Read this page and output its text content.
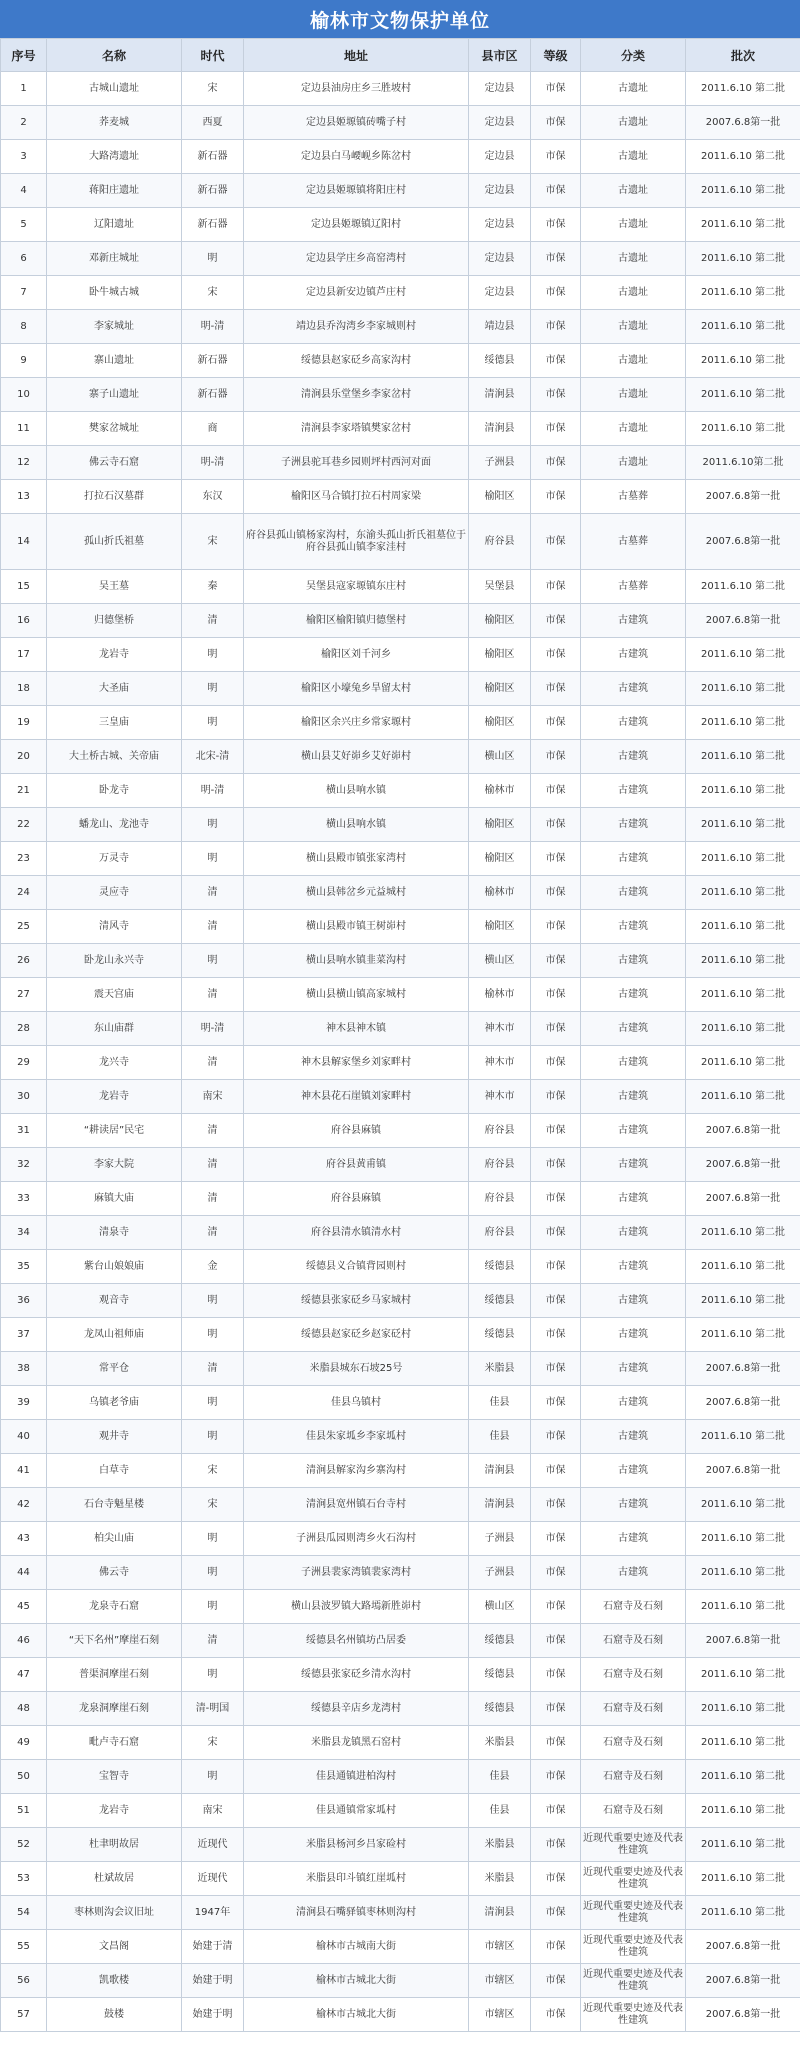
榆林市文物保护单位
序号	名称	时代	地址	县市区	等级	分类	批次
1	古城山遗址	宋	定边县油房庄乡三胜坡村	定边县	市保	古遗址	2011.6.10 第二批
2	荞麦城	西夏	定边县姬塬镇砖嘴子村	定边县	市保	古遗址	2007.6.8第一批
3	大路湾遗址	新石器	定边县白马崾岘乡陈岔村	定边县	市保	古遗址	2011.6.10 第二批
4	蒋阳庄遗址	新石器	定边县姬塬镇将阳庄村	定边县	市保	古遗址	2011.6.10 第二批
5	辽阳遗址	新石器	定边县姬塬镇辽阳村	定边县	市保	古遗址	2011.6.10 第二批
6	邓新庄城址	明	定边县学庄乡高窑湾村	定边县	市保	古遗址	2011.6.10 第二批
7	卧牛城古城	宋	定边县新安边镇芦庄村	定边县	市保	古遗址	2011.6.10 第二批
8	李家城址	明-清	靖边县乔沟湾乡李家城则村	靖边县	市保	古遗址	2011.6.10 第二批
9	寨山遗址	新石器	绥德县赵家砭乡高家沟村	绥德县	市保	古遗址	2011.6.10 第二批
10	寨子山遗址	新石器	清涧县乐堂堡乡李家岔村	清涧县	市保	古遗址	2011.6.10 第二批
11	樊家岔城址	商	清涧县李家塔镇樊家岔村	清涧县	市保	古遗址	2011.6.10 第二批
12	佛云寺石窟	明-清	子洲县驼耳巷乡园则坪村西河对面	子洲县	市保	古遗址	2011.6.10第二批
13	打拉石汉墓群	东汉	榆阳区马合镇打拉石村周家梁	榆阳区	市保	古墓葬	2007.6.8第一批
14	孤山折氏祖墓	宋	府谷县孤山镇杨家沟村，东渝头孤山折氏祖墓位于府谷县孤山镇李家洼村	府谷县	市保	古墓葬	2007.6.8第一批
15	吴王墓	秦	吴堡县寇家塬镇东庄村	吴堡县	市保	古墓葬	2011.6.10 第二批
16	归德堡桥	清	榆阳区榆阳镇归德堡村	榆阳区	市保	古建筑	2007.6.8第一批
17	龙岩寺	明	榆阳区刘千河乡	榆阳区	市保	古建筑	2011.6.10 第二批
18	大圣庙	明	榆阳区小壕兔乡旱留太村	榆阳区	市保	古建筑	2011.6.10 第二批
19	三皇庙	明	榆阳区余兴庄乡常家塬村	榆阳区	市保	古建筑	2011.6.10 第二批
20	大土桥古城、关帝庙	北宋-清	横山县艾好峁乡艾好峁村	横山区	市保	古建筑	2011.6.10 第二批
21	卧龙寺	明-清	横山县响水镇	榆林市	市保	古建筑	2011.6.10 第二批
22	蟠龙山、龙池寺	明	横山县响水镇	榆阳区	市保	古建筑	2011.6.10 第二批
23	万灵寺	明	横山县殿市镇张家湾村	榆阳区	市保	古建筑	2011.6.10 第二批
24	灵应寺	清	横山县韩岔乡元益城村	榆林市	市保	古建筑	2011.6.10 第二批
25	清风寺	清	横山县殿市镇王树峁村	榆阳区	市保	古建筑	2011.6.10 第二批
26	卧龙山永兴寺	明	横山县响水镇韭菜沟村	横山区	市保	古建筑	2011.6.10 第二批
27	震天宫庙	清	横山县横山镇高家城村	榆林市	市保	古建筑	2011.6.10 第二批
28	东山庙群	明-清	神木县神木镇	神木市	市保	古建筑	2011.6.10 第二批
29	龙兴寺	清	神木县解家堡乡刘家畔村	神木市	市保	古建筑	2011.6.10 第二批
30	龙岩寺	南宋	神木县花石崖镇刘家畔村	神木市	市保	古建筑	2011.6.10 第二批
31	“耕读居”民宅	清	府谷县麻镇	府谷县	市保	古建筑	2007.6.8第一批
32	李家大院	清	府谷县黄甫镇	府谷县	市保	古建筑	2007.6.8第一批
33	麻镇大庙	清	府谷县麻镇	府谷县	市保	古建筑	2007.6.8第一批
34	清泉寺	清	府谷县清水镇清水村	府谷县	市保	古建筑	2011.6.10 第二批
35	紫台山娘娘庙	金	绥德县义合镇背园则村	绥德县	市保	古建筑	2011.6.10 第二批
36	观音寺	明	绥德县张家砭乡马家城村	绥德县	市保	古建筑	2011.6.10 第二批
37	龙凤山祖师庙	明	绥德县赵家砭乡赵家砭村	绥德县	市保	古建筑	2011.6.10 第二批
38	常平仓	清	米脂县城东石坡25号	米脂县	市保	古建筑	2007.6.8第一批
39	乌镇老爷庙	明	佳县乌镇村	佳县	市保	古建筑	2007.6.8第一批
40	观井寺	明	佳县朱家坬乡李家坬村	佳县	市保	古建筑	2011.6.10 第二批
41	白草寺	宋	清涧县解家沟乡寨沟村	清涧县	市保	古建筑	2007.6.8第一批
42	石台寺魁星楼	宋	清涧县宽州镇石台寺村	清涧县	市保	古建筑	2011.6.10 第二批
43	柏尖山庙	明	子洲县瓜园则湾乡火石沟村	子洲县	市保	古建筑	2011.6.10 第二批
44	佛云寺	明	子洲县裴家湾镇裴家湾村	子洲县	市保	古建筑	2011.6.10 第二批
45	龙泉寺石窟	明	横山县波罗镇大路墕新胜峁村	横山区	市保	石窟寺及石刻	2011.6.10 第二批
46	“天下名州”摩崖石刻	清	绥德县名州镇坊凸居委	绥德县	市保	石窟寺及石刻	2007.6.8第一批
47	普渠洞摩崖石刻	明	绥德县张家砭乡清水沟村	绥德县	市保	石窟寺及石刻	2011.6.10 第二批
48	龙泉洞摩崖石刻	清-明国	绥德县辛店乡龙湾村	绥德县	市保	石窟寺及石刻	2011.6.10 第二批
49	毗卢寺石窟	宋	米脂县龙镇黑石窑村	米脂县	市保	石窟寺及石刻	2011.6.10 第二批
50	宝智寺	明	佳县通镇进柏沟村	佳县	市保	石窟寺及石刻	2011.6.10 第二批
51	龙岩寺	南宋	佳县通镇常家坬村	佳县	市保	石窟寺及石刻	2011.6.10 第二批
52	杜聿明故居	近现代	米脂县杨河乡吕家硷村	米脂县	市保	近现代重要史迹及代表性建筑	2011.6.10 第二批
53	杜斌故居	近现代	米脂县印斗镇红崖坬村	米脂县	市保	近现代重要史迹及代表性建筑	2011.6.10 第二批
54	枣林则沟会议旧址	1947年	清涧县石嘴驿镇枣林则沟村	清涧县	市保	近现代重要史迹及代表性建筑	2011.6.10 第二批
55	文昌阁	始建于清	榆林市古城南大街	市辖区	市保	近现代重要史迹及代表性建筑	2007.6.8第一批
56	凯歌楼	始建于明	榆林市古城北大街	市辖区	市保	近现代重要史迹及代表性建筑	2007.6.8第一批
57	鼓楼	始建于明	榆林市古城北大街	市辖区	市保	近现代重要史迹及代表性建筑	2007.6.8第一批
